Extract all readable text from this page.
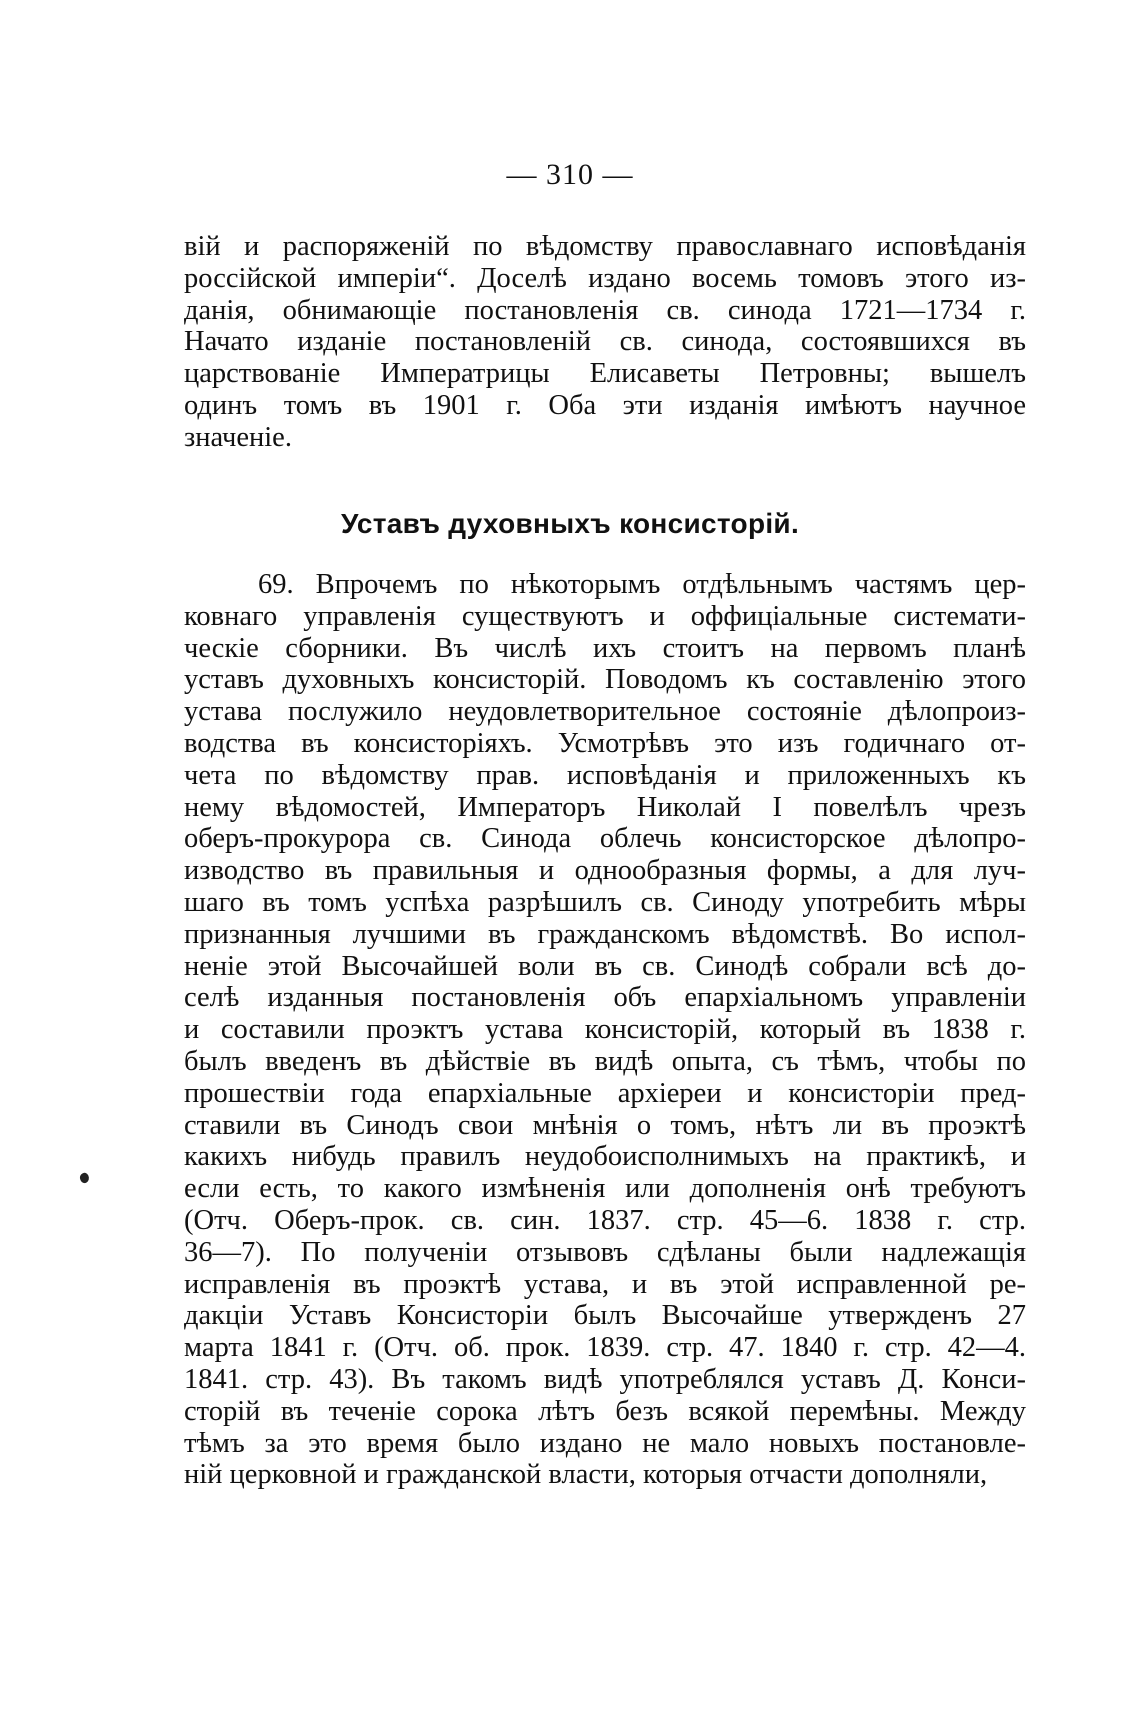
— 310 —
вій и распоряженій по вѣдомству православнаго исповѣданія
россійской имперіи“. Доселѣ издано восемь томовъ этого из-
данія, обнимающіе постановленія св. синода 1721—1734 г.
Начато изданіе постановленій св. синода, состоявшихся въ
царствованіе Императрицы Елисаветы Петровны; вышелъ
одинъ томъ въ 1901 г. Оба эти изданія имѣютъ научное
значеніе.
Уставъ духовныхъ консисторій.
69. Впрочемъ по нѣкоторымъ отдѣльнымъ частямъ цер-
ковнаго управленія существуютъ и оффиціальные системати-
ческіе сборники. Въ числѣ ихъ стоитъ на первомъ планѣ
уставъ духовныхъ консисторій. Поводомъ къ составленію этого
устава послужило неудовлетворительное состояніе дѣлопроиз-
водства въ консисторіяхъ. Усмотрѣвъ это изъ годичнаго от-
чета по вѣдомству прав. исповѣданія и приложенныхъ къ
нему вѣдомостей, Императоръ Николай I повелѣлъ чрезъ
оберъ-прокурора св. Синода облечь консисторское дѣлопро-
изводство въ правильныя и однообразныя формы, а для луч-
шаго въ томъ успѣха разрѣшилъ св. Синоду употребить мѣры
признанныя лучшими въ гражданскомъ вѣдомствѣ. Во испол-
неніе этой Высочайшей воли въ св. Синодѣ собрали всѣ до-
селѣ изданныя постановленія объ епархіальномъ управленіи
и составили проэктъ устава консисторій, который въ 1838 г.
былъ введенъ въ дѣйствіе въ видѣ опыта, съ тѣмъ, чтобы по
прошествіи года епархіальные архіереи и консисторіи пред-
ставили въ Синодъ свои мнѣнія о томъ, нѣтъ ли въ проэктѣ
какихъ нибудь правилъ неудобоисполнимыхъ на практикѣ, и
если есть, то какого измѣненія или дополненія онѣ требуютъ
(Отч. Оберъ-прок. св. син. 1837. стр. 45—6. 1838 г. стр.
36—7). По полученіи отзывовъ сдѣланы были надлежащія
исправленія въ проэктѣ устава, и въ этой исправленной ре-
дакціи Уставъ Консисторіи былъ Высочайше утвержденъ 27
марта 1841 г. (Отч. об. прок. 1839. стр. 47. 1840 г. стр. 42—4.
1841. стр. 43). Въ такомъ видѣ употреблялся уставъ Д. Конси-
сторій въ теченіе сорока лѣтъ безъ всякой перемѣны. Между
тѣмъ за это время было издано не мало новыхъ постановле-
ній церковной и гражданской власти, которыя отчасти дополняли,
